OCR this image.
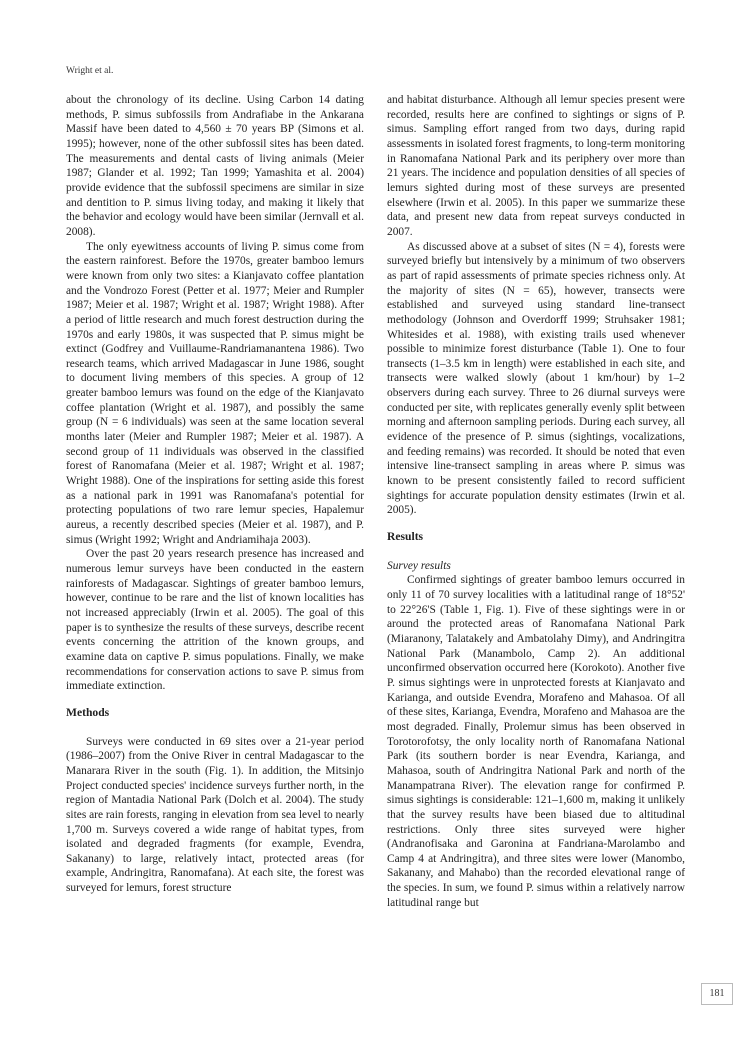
Wright et al.

about the chronology of its decline. Using Carbon 14 dating methods, P. simus subfossils from Andrafiabe in the Ankarana Massif have been dated to 4,560 ± 70 years BP (Simons et al. 1995); however, none of the other subfossil sites has been dated. The measurements and dental casts of living animals (Meier 1987; Glander et al. 1992; Tan 1999; Yamashita et al. 2004) provide evidence that the subfossil specimens are similar in size and dentition to P. simus living today, and making it likely that the behavior and ecology would have been similar (Jernvall et al. 2008).

The only eyewitness accounts of living P. simus come from the eastern rainforest. Before the 1970s, greater bamboo lemurs were known from only two sites: a Kianjavato coffee plantation and the Vondrozo Forest (Petter et al. 1977; Meier and Rumpler 1987; Meier et al. 1987; Wright et al. 1987; Wright 1988). After a period of little research and much forest destruction during the 1970s and early 1980s, it was suspected that P. simus might be extinct (Godfrey and Vuillaume-Randriamanantena 1986). Two research teams, which arrived Madagascar in June 1986, sought to document living members of this species. A group of 12 greater bamboo lemurs was found on the edge of the Kianjavato coffee plantation (Wright et al. 1987), and possibly the same group (N = 6 individuals) was seen at the same location several months later (Meier and Rumpler 1987; Meier et al. 1987). A second group of 11 individuals was observed in the classified forest of Ranomafana (Meier et al. 1987; Wright et al. 1987; Wright 1988). One of the inspirations for setting aside this forest as a national park in 1991 was Ranomafana's potential for protecting populations of two rare lemur species, Hapalemur aureus, a recently described species (Meier et al. 1987), and P. simus (Wright 1992; Wright and Andriamihaja 2003).

Over the past 20 years research presence has increased and numerous lemur surveys have been conducted in the eastern rainforests of Madagascar. Sightings of greater bamboo lemurs, however, continue to be rare and the list of known localities has not increased appreciably (Irwin et al. 2005). The goal of this paper is to synthesize the results of these surveys, describe recent events concerning the attrition of the known groups, and examine data on captive P. simus populations. Finally, we make recommendations for conservation actions to save P. simus from immediate extinction.

Methods

Surveys were conducted in 69 sites over a 21-year period (1986–2007) from the Onive River in central Madagascar to the Manarara River in the south (Fig. 1). In addition, the Mitsinjo Project conducted species' incidence surveys further north, in the region of Mantadia National Park (Dolch et al. 2004). The study sites are rain forests, ranging in elevation from sea level to nearly 1,700 m. Surveys covered a wide range of habitat types, from isolated and degraded fragments (for example, Evendra, Sakanany) to large, relatively intact, protected areas (for example, Andringitra, Ranomafana). At each site, the forest was surveyed for lemurs, forest structure

and habitat disturbance. Although all lemur species present were recorded, results here are confined to sightings or signs of P. simus. Sampling effort ranged from two days, during rapid assessments in isolated forest fragments, to long-term monitoring in Ranomafana National Park and its periphery over more than 21 years. The incidence and population densities of all species of lemurs sighted during most of these surveys are presented elsewhere (Irwin et al. 2005). In this paper we summarize these data, and present new data from repeat surveys conducted in 2007.

As discussed above at a subset of sites (N = 4), forests were surveyed briefly but intensively by a minimum of two observers as part of rapid assessments of primate species richness only. At the majority of sites (N = 65), however, transects were established and surveyed using standard line-transect methodology (Johnson and Overdorff 1999; Struhsaker 1981; Whitesides et al. 1988), with existing trails used whenever possible to minimize forest disturbance (Table 1). One to four transects (1–3.5 km in length) were established in each site, and transects were walked slowly (about 1 km/hour) by 1–2 observers during each survey. Three to 26 diurnal surveys were conducted per site, with replicates generally evenly split between morning and afternoon sampling periods. During each survey, all evidence of the presence of P. simus (sightings, vocalizations, and feeding remains) was recorded. It should be noted that even intensive line-transect sampling in areas where P. simus was known to be present consistently failed to record sufficient sightings for accurate population density estimates (Irwin et al. 2005).

Results
Survey results

Confirmed sightings of greater bamboo lemurs occurred in only 11 of 70 survey localities with a latitudinal range of 18°52' to 22°26'S (Table 1, Fig. 1). Five of these sightings were in or around the protected areas of Ranomafana National Park (Miaranony, Talatakely and Ambatolahy Dimy), and Andringitra National Park (Manambolo, Camp 2). An additional unconfirmed observation occurred here (Korokoto). Another five P. simus sightings were in unprotected forests at Kianjavato and Karianga, and outside Evendra, Morafeno and Mahasoa. Of all of these sites, Karianga, Evendra, Morafeno and Mahasoa are the most degraded. Finally, Prolemur simus has been observed in Torotorofotsy, the only locality north of Ranomafana National Park (its southern border is near Evendra, Karianga, and Mahasoa, south of Andringitra National Park and north of the Manampatrana River). The elevation range for confirmed P. simus sightings is considerable: 121–1,600 m, making it unlikely that the survey results have been biased due to altitudinal restrictions. Only three sites surveyed were higher (Andranofisaka and Garonina at Fandriana-Marolambo and Camp 4 at Andringitra), and three sites were lower (Manombo, Sakanany, and Mahabo) than the recorded elevational range of the species. In sum, we found P. simus within a relatively narrow latitudinal range but

181
